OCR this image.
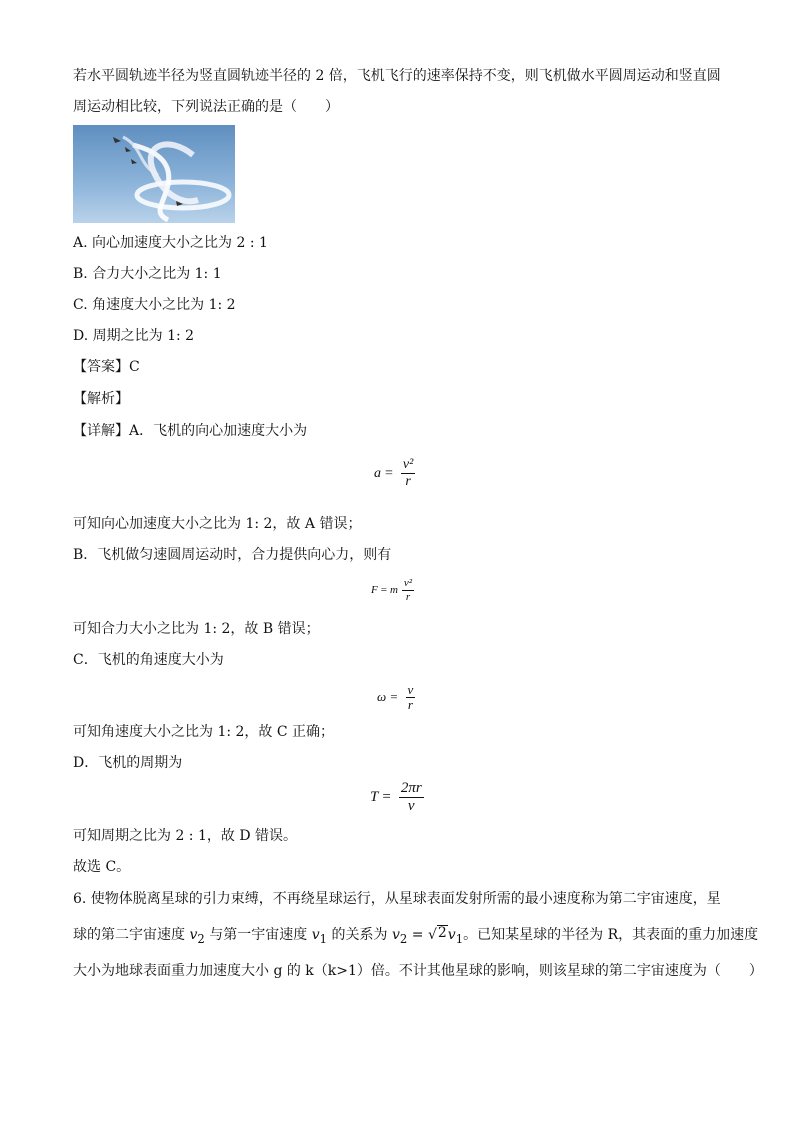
若水平圆轨迹半径为竖直圆轨迹半径的 2 倍，飞机飞行的速率保持不变，则飞机做水平圆周运动和竖直圆
周运动相比较，下列说法正确的是（　　）
A. 向心加速度大小之比为 2 : 1
B. 合力大小之比为 1: 1
C. 角速度大小之比为 1: 2
D. 周期之比为 1: 2
【答案】C
【解析】
【详解】A．飞机的向心加速度大小为
$a = \frac{\text{v²}}{r}$
可知向心加速度大小之比为 1: 2，故 A 错误；
B．飞机做匀速圆周运动时，合力提供向心力，则有
F = m $\frac{\text{v²}}{r}$
可知合力大小之比为 1: 2，故 B 错误；
C．飞机的角速度大小为
$\omega = \frac{v}{r}$
可知角速度大小之比为 1: 2，故 C 正确；
D．飞机的周期为
$T = \frac{2\pi r}{v}$
可知周期之比为 2 : 1，故 D 错误。
故选 C。
6. 使物体脱离星球的引力束缚，不再绕星球运行，从星球表面发射所需的最小速度称为第二宇宙速度，星
球的第二宇宙速度 $v_2$ 与第一宇宙速度 $v_1$ 的关系为 $v_2$ = √ 2 $v_1$。已知某星球的半径为 R，其表面的重力加速度
大小为地球表面重力加速度大小 g 的 k（k>1）倍。不计其他星球的影响，则该星球的第二宇宙速度为（　　）
